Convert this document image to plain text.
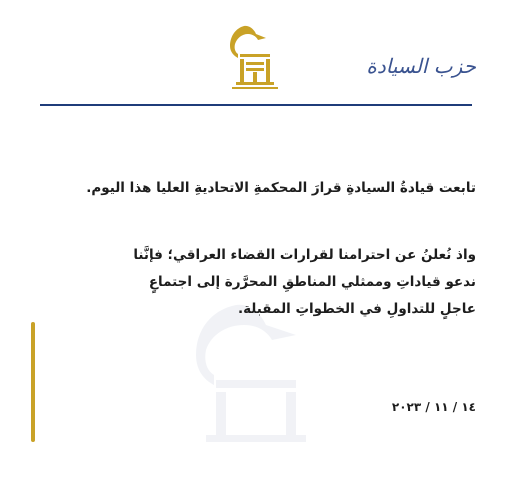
حزب السيادة
تابعت قيادةُ السيادةِ قرارَ المحكمةِ الاتحاديةِ العليا هذا اليوم.
واذ نُعلنُ عن احترامنا لقرارات القضاء العراقي؛ فإنَّنا
ندعو قياداتِ وممثلي المناطقِ المحرَّرة إلى اجتماعٍ
عاجلٍ للتداولِ في الخطواتِ المقبلة.
١٤ / ١١ / ٢٠٢٣
